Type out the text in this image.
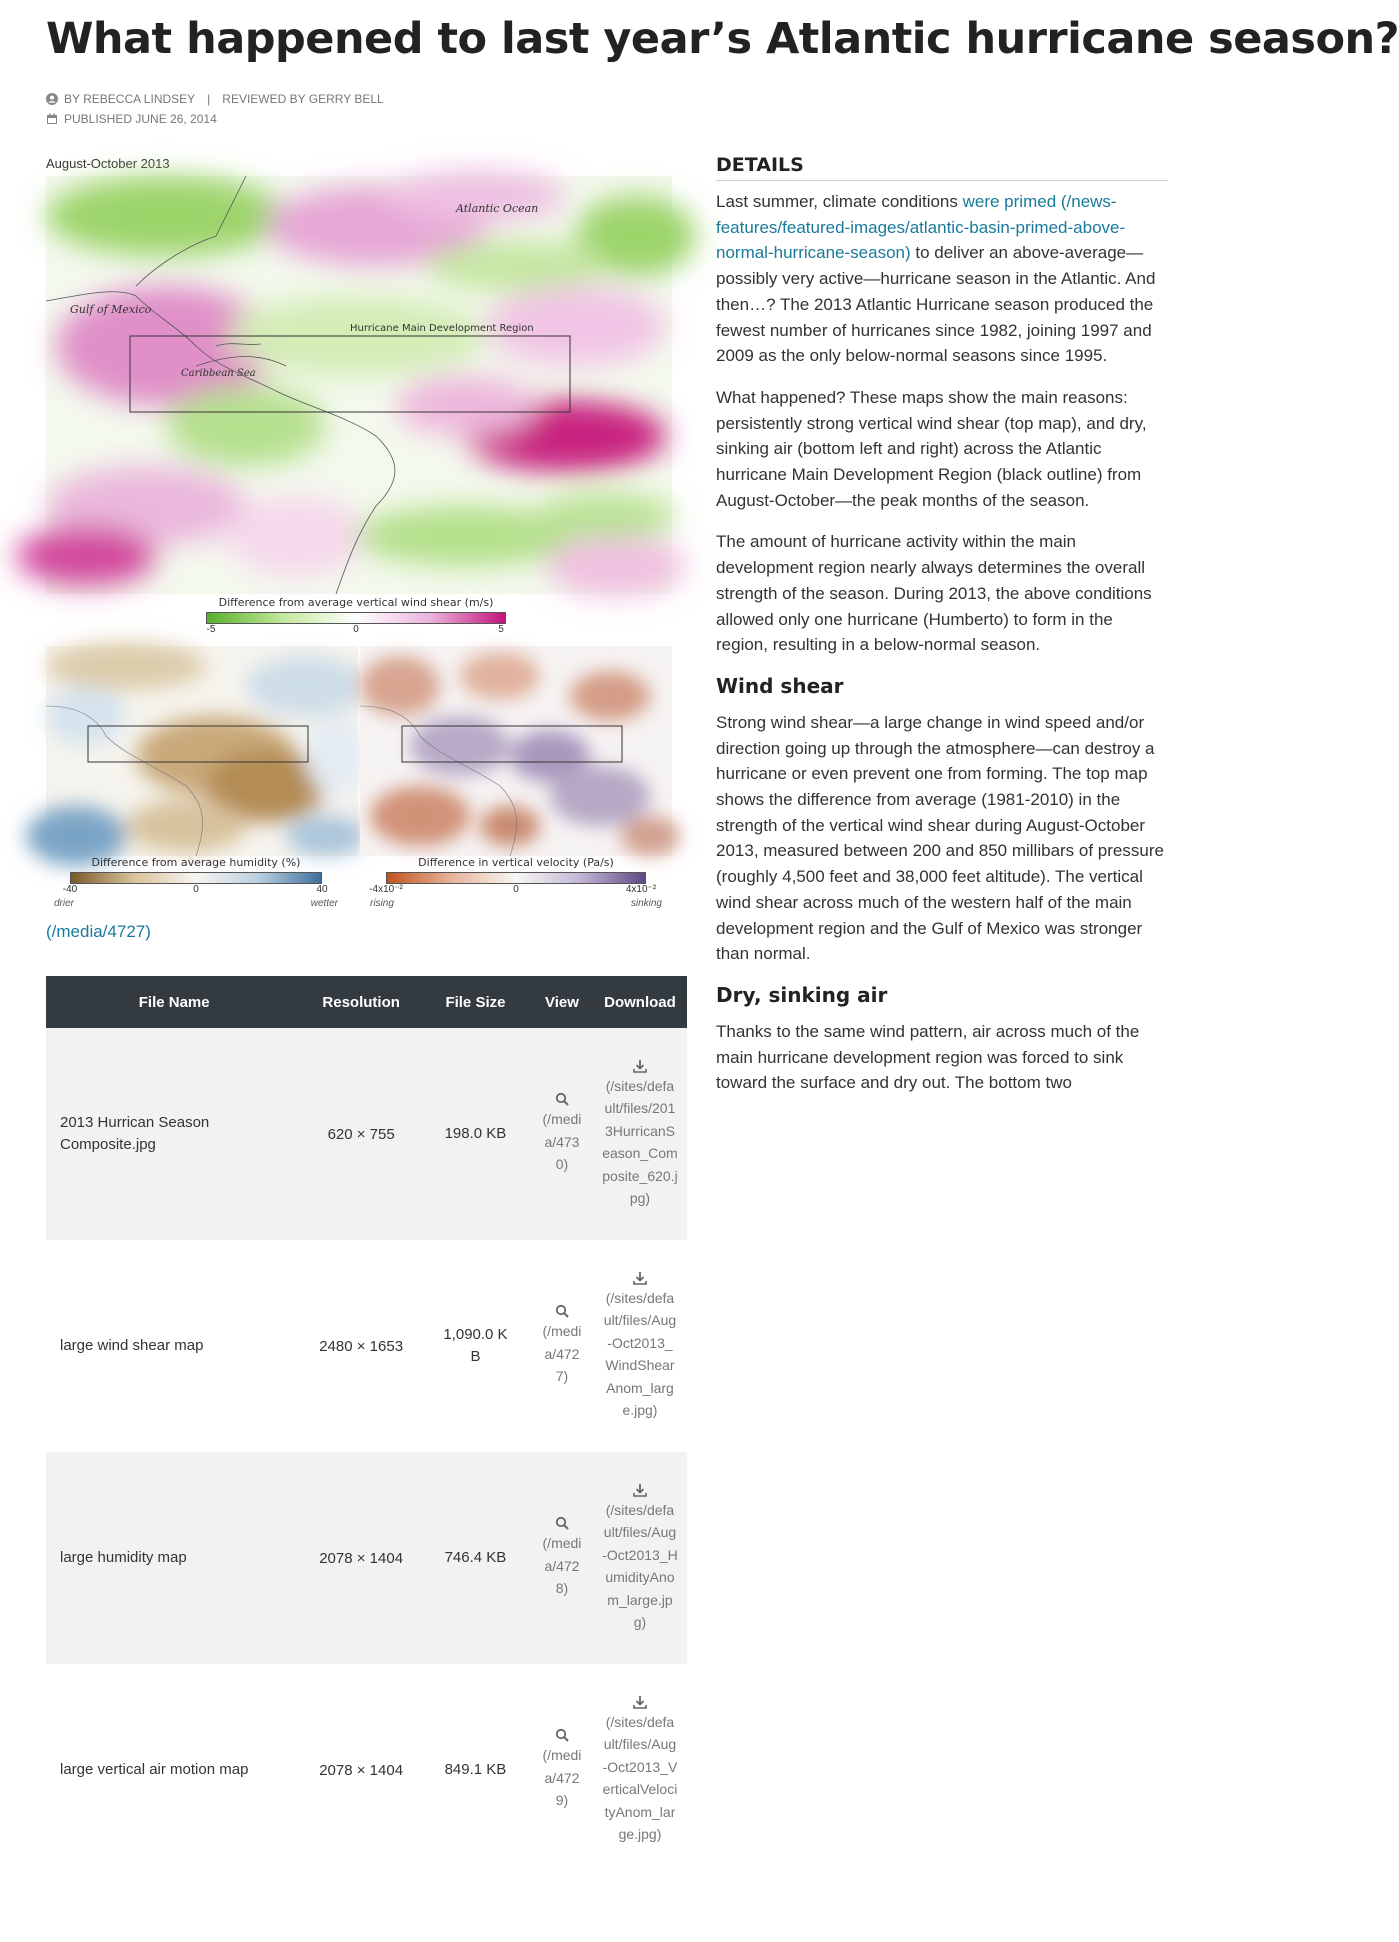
What happened to last year’s Atlantic hurricane season?
BY REBECCA LINDSEY | REVIEWED BY GERRY BELL
PUBLISHED JUNE 26, 2014
August-October 2013
Atlantic Ocean
Gulf of Mexico
Caribbean Sea
Hurricane Main Development Region
Difference from average vertical wind shear (m/s)
-5	0	5
Difference from average humidity (%)
-40	0	40
drier	wetter
Difference in vertical velocity (Pa/s)
-4x10⁻²	0	4x10⁻²
rising	sinking
(/media/4727)
File Name	Resolution	File Size	View	Download
2013 Hurrican Season Composite.jpg	620 × 755	198.0 KB	(/media/4730)	(/sites/default/files/2013HurricanSeason_Composite_620.jpg)
large wind shear map	2480 × 1653	1,090.0 KB	(/media/4727)	(/sites/default/files/Aug-Oct2013_WindShearAnom_large.jpg)
large humidity map	2078 × 1404	746.4 KB	(/media/4728)	(/sites/default/files/Aug-Oct2013_HumidityAnom_large.jpg)
large vertical air motion map	2078 × 1404	849.1 KB	(/media/4729)	(/sites/default/files/Aug-Oct2013_VerticalVelocityAnom_large.jpg)
DETAILS

Last summer, climate conditions were primed (/news-features/featured-images/atlantic-basin-primed-above-normal-hurricane-season) to deliver an above-average—possibly very active—hurricane season in the Atlantic. And then…? The 2013 Atlantic Hurricane season produced the fewest number of hurricanes since 1982, joining 1997 and 2009 as the only below-normal seasons since 1995.

What happened? These maps show the main reasons: persistently strong vertical wind shear (top map), and dry, sinking air (bottom left and right) across the Atlantic hurricane Main Development Region (black outline) from August-October—the peak months of the season.

The amount of hurricane activity within the main development region nearly always determines the overall strength of the season. During 2013, the above conditions allowed only one hurricane (Humberto) to form in the region, resulting in a below-normal season.

Wind shear

Strong wind shear—a large change in wind speed and/or direction going up through the atmosphere—can destroy a hurricane or even prevent one from forming. The top map shows the difference from average (1981-2010) in the strength of the vertical wind shear during August-October 2013, measured between 200 and 850 millibars of pressure (roughly 4,500 feet and 38,000 feet altitude). The vertical wind shear across much of the western half of the main development region and the Gulf of Mexico was stronger than normal.

Dry, sinking air

Thanks to the same wind pattern, air across much of the main hurricane development region was forced to sink toward the surface and dry out. The bottom two
